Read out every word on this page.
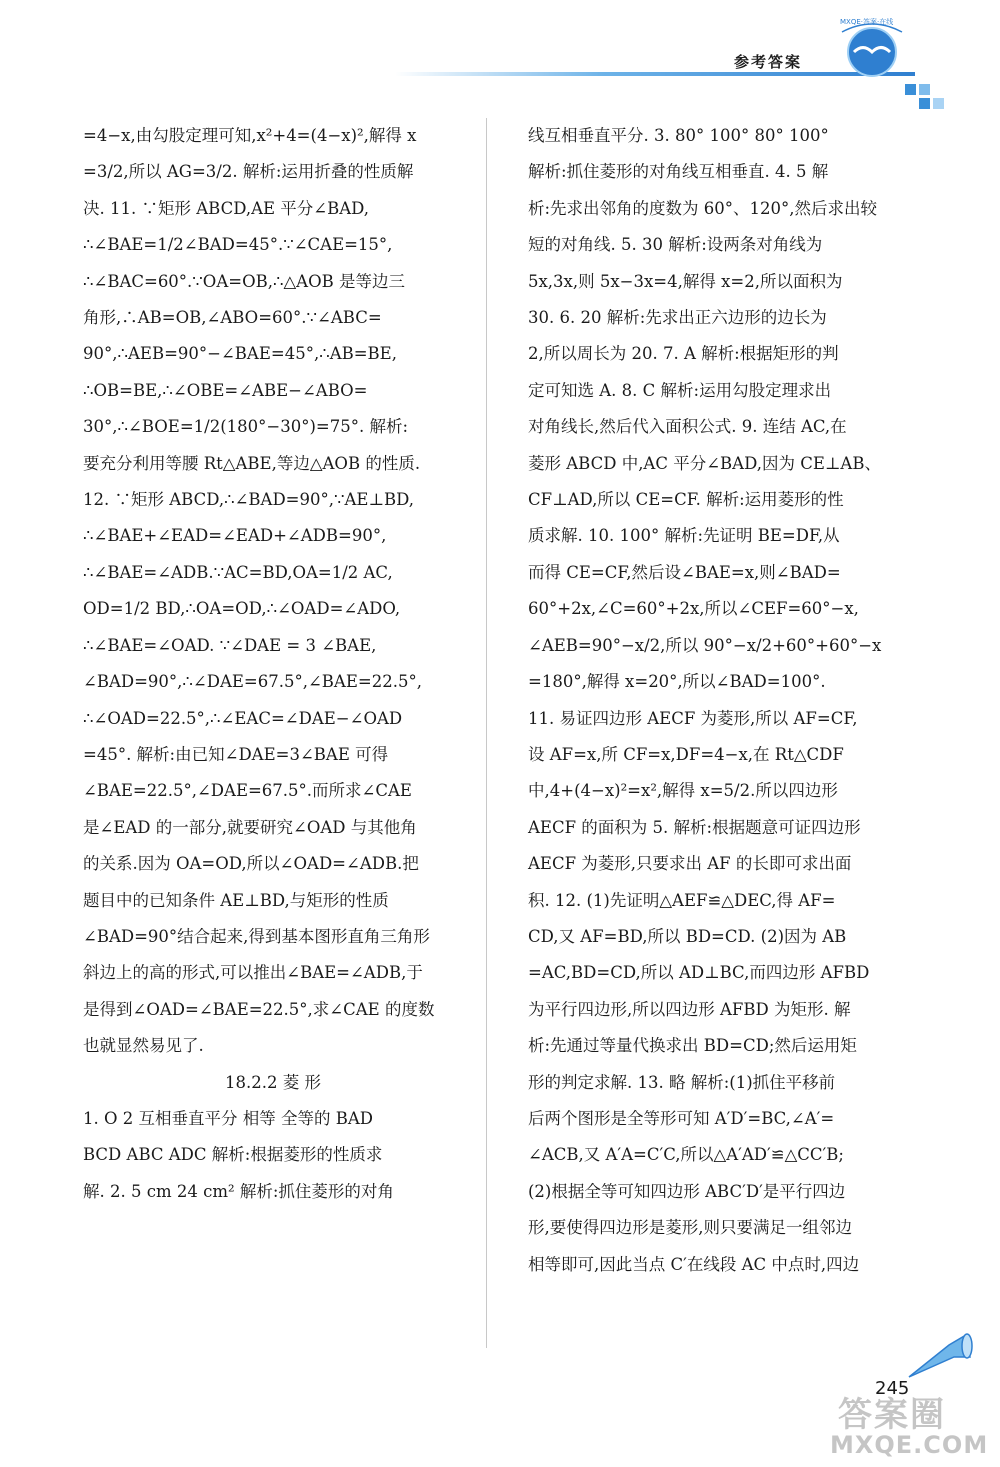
参考答案
MXQE·答案·在线

=4−x,由勾股定理可知,x²+4=(4−x)²,解得 x

=3/2,所以 AG=3/2. 解析:运用折叠的性质解

决. 11. ∵矩形 ABCD,AE 平分∠BAD,

∴∠BAE=1/2∠BAD=45°.∵∠CAE=15°,

∴∠BAC=60°.∵OA=OB,∴△AOB 是等边三

角形,∴AB=OB,∠ABO=60°.∵∠ABC=

90°,∴AEB=90°−∠BAE=45°,∴AB=BE,

∴OB=BE,∴∠OBE=∠ABE−∠ABO=

30°,∴∠BOE=1/2(180°−30°)=75°. 解析:

要充分利用等腰 Rt△ABE,等边△AOB 的性质.

12. ∵矩形 ABCD,∴∠BAD=90°,∵AE⊥BD,

∴∠BAE+∠EAD=∠EAD+∠ADB=90°,

∴∠BAE=∠ADB.∵AC=BD,OA=1/2 AC,

OD=1/2 BD,∴OA=OD,∴∠OAD=∠ADO,

∴∠BAE=∠OAD. ∵∠DAE = 3 ∠BAE,

∠BAD=90°,∴∠DAE=67.5°,∠BAE=22.5°,

∴∠OAD=22.5°,∴∠EAC=∠DAE−∠OAD

=45°. 解析:由已知∠DAE=3∠BAE 可得

∠BAE=22.5°,∠DAE=67.5°.而所求∠CAE

是∠EAD 的一部分,就要研究∠OAD 与其他角

的关系.因为 OA=OD,所以∠OAD=∠ADB.把

题目中的已知条件 AE⊥BD,与矩形的性质

∠BAD=90°结合起来,得到基本图形直角三角形

斜边上的高的形式,可以推出∠BAE=∠ADB,于

是得到∠OAD=∠BAE=22.5°,求∠CAE 的度数

也就显然易见了.

18.2.2 菱 形

1. O 2 互相垂直平分 相等 全等的 BAD

BCD ABC ADC 解析:根据菱形的性质求

解. 2. 5 cm 24 cm² 解析:抓住菱形的对角

线互相垂直平分. 3. 80° 100° 80° 100°

解析:抓住菱形的对角线互相垂直. 4. 5 解

析:先求出邻角的度数为 60°、120°,然后求出较

短的对角线. 5. 30 解析:设两条对角线为

5x,3x,则 5x−3x=4,解得 x=2,所以面积为

30. 6. 20 解析:先求出正六边形的边长为

2,所以周长为 20. 7. A 解析:根据矩形的判

定可知选 A. 8. C 解析:运用勾股定理求出

对角线长,然后代入面积公式. 9. 连结 AC,在

菱形 ABCD 中,AC 平分∠BAD,因为 CE⊥AB、

CF⊥AD,所以 CE=CF. 解析:运用菱形的性

质求解. 10. 100° 解析:先证明 BE=DF,从

而得 CE=CF,然后设∠BAE=x,则∠BAD=

60°+2x,∠C=60°+2x,所以∠CEF=60°−x,

∠AEB=90°−x/2,所以 90°−x/2+60°+60°−x

=180°,解得 x=20°,所以∠BAD=100°.

11. 易证四边形 AECF 为菱形,所以 AF=CF,

设 AF=x,所 CF=x,DF=4−x,在 Rt△CDF

中,4+(4−x)²=x²,解得 x=5/2.所以四边形

AECF 的面积为 5. 解析:根据题意可证四边形

AECF 为菱形,只要求出 AF 的长即可求出面

积. 12. (1)先证明△AEF≌△DEC,得 AF=

CD,又 AF=BD,所以 BD=CD. (2)因为 AB

=AC,BD=CD,所以 AD⊥BC,而四边形 AFBD

为平行四边形,所以四边形 AFBD 为矩形. 解

析:先通过等量代换求出 BD=CD;然后运用矩

形的判定求解. 13. 略 解析:(1)抓住平移前

后两个图形是全等形可知 A′D′=BC,∠A′=

∠ACB,又 A′A=C′C,所以△A′AD′≌△CC′B;

(2)根据全等可知四边形 ABC′D′是平行四边

形,要使得四边形是菱形,则只要满足一组邻边

相等即可,因此当点 C′在线段 AC 中点时,四边

245
答案圈
MXQE.COM
